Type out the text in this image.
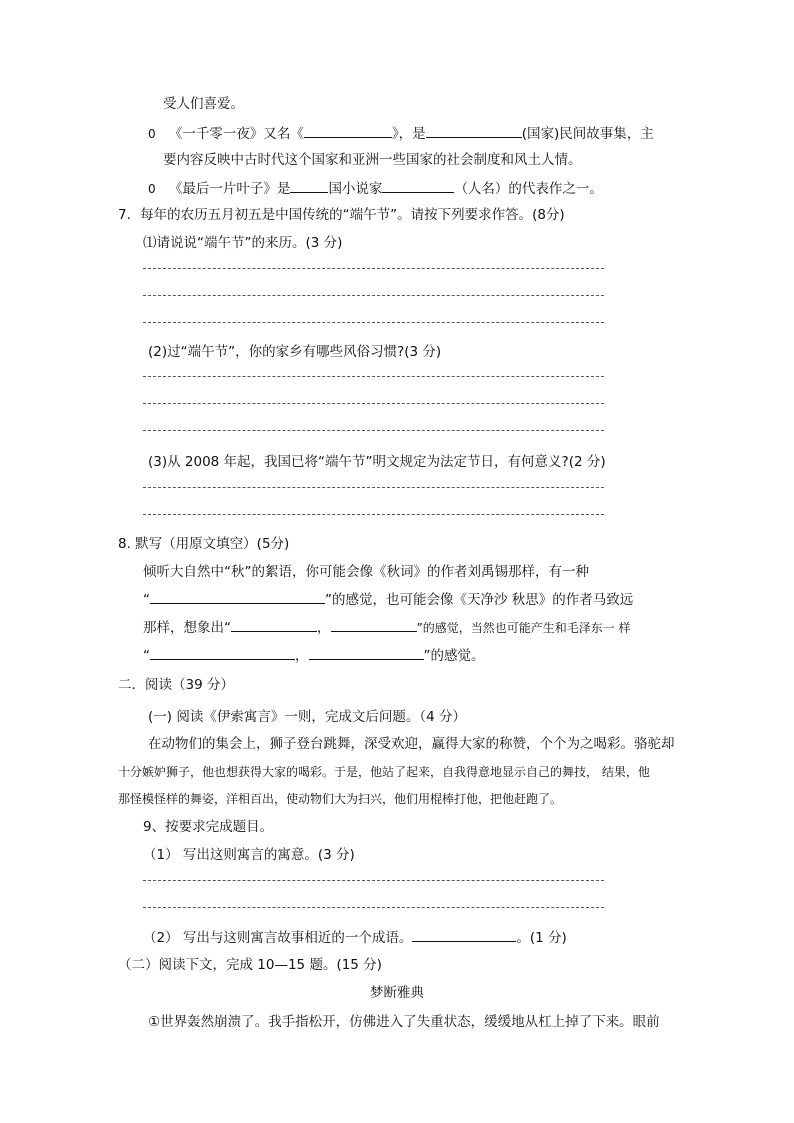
受人们喜爱。
0 《一千零一夜》又名《	》，是	(国家)民间故事集，主
要内容反映中古时代这个国家和亚洲一些国家的社会制度和风土人情。
0 《最后一片叶子》是	国小说家	（人名）的代表作之一。
7．每年的农历五月初五是中国传统的“端午节”。请按下列要求作答。(8分)
⑴请说说“端午节”的来历。(3 分)
(2)过“端午节”，你的家乡有哪些风俗习惯?(3 分)
(3)从 2008 年起，我国已将“端午节”明文规定为法定节日，有何意义?(2 分)
8. 默写（用原文填空）(5分)
倾听大自然中“秋”的絮语，你可能会像《秋词》的作者刘禹锡那样，有一种
“	”的感觉，也可能会像《天净沙 秋思》的作者马致远
那样，想象出“	，	”的感觉，当然也可能产生和毛泽东一 样
“	，	”的感觉。
二．阅读（39 分）
(一) 阅读《伊索寓言》一则，完成文后问题。（4 分）
在动物们的集会上，狮子登台跳舞，深受欢迎，赢得大家的称赞，个个为之喝彩。骆驼却
十分嫉妒狮子，他也想获得大家的喝彩。于是，他站了起来，自我得意地显示自己的舞技， 结果，他
那怪模怪样的舞姿，洋相百出，使动物们大为扫兴，他们用棍棒打他，把他赶跑了。
9、按要求完成题目。
（1） 写出这则寓言的寓意。(3 分)
（2） 写出与这则寓言故事相近的一个成语。	。(1 分)
（二）阅读下文，完成 10—15 题。(15 分)
梦断雅典
①世界轰然崩溃了。我手指松开，仿佛进入了失重状态，缓缓地从杠上掉了下来。眼前
